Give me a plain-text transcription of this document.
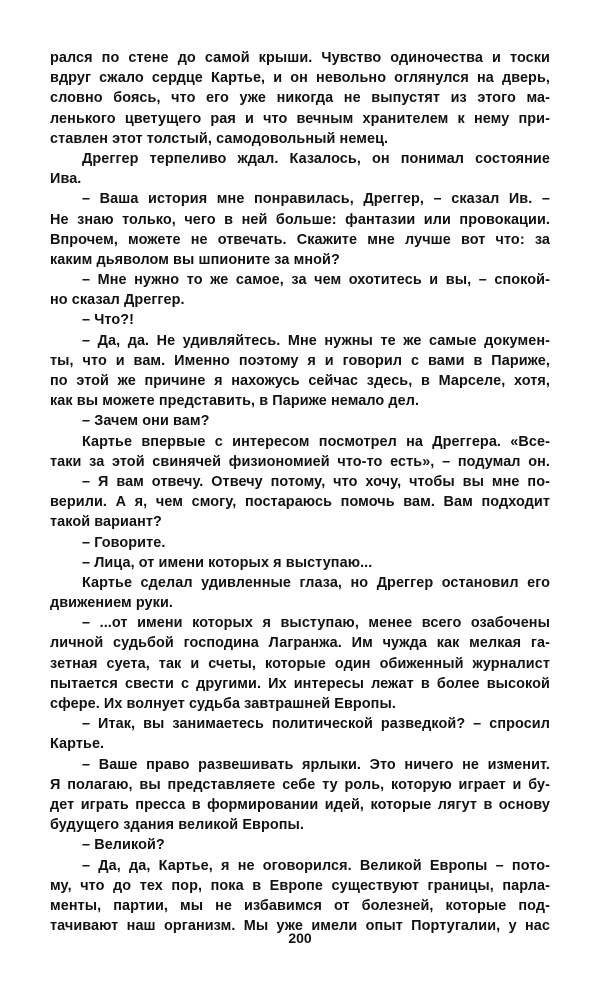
рался по стене до самой крыши. Чувство одиночества и тоски
вдруг сжало сердце Картье, и он невольно оглянулся на дверь,
словно боясь, что его уже никогда не выпустят из этого ма-
ленького цветущего рая и что вечным хранителем к нему при-
ставлен этот толстый, самодовольный немец.
Дреггер терпеливо ждал. Казалось, он понимал состояние
Ива.
– Ваша история мне понравилась, Дреггер, – сказал Ив. –
Не знаю только, чего в ней больше: фантазии или провокации.
Впрочем, можете не отвечать. Скажите мне лучше вот что: за
каким дьяволом вы шпионите за мной?
– Мне нужно то же самое, за чем охотитесь и вы, – спокой-
но сказал Дреггер.
– Что?!
– Да, да. Не удивляйтесь. Мне нужны те же самые докумен-
ты, что и вам. Именно поэтому я и говорил с вами в Париже,
по этой же причине я нахожусь сейчас здесь, в Марселе, хотя,
как вы можете представить, в Париже немало дел.
– Зачем они вам?
Картье впервые с интересом посмотрел на Дреггера. «Все-
таки за этой свинячей физиономией что-то есть», – подумал он.
– Я вам отвечу. Отвечу потому, что хочу, чтобы вы мне по-
верили. А я, чем смогу, постараюсь помочь вам. Вам подходит
такой вариант?
– Говорите.
– Лица, от имени которых я выступаю...
Картье сделал удивленные глаза, но Дреггер остановил его
движением руки.
– ...от имени которых я выступаю, менее всего озабочены
личной судьбой господина Лагранжа. Им чужда как мелкая га-
зетная суета, так и счеты, которые один обиженный журналист
пытается свести с другими. Их интересы лежат в более высокой
сфере. Их волнует судьба завтрашней Европы.
– Итак, вы занимаетесь политической разведкой? – спросил
Картье.
– Ваше право развешивать ярлыки. Это ничего не изменит.
Я полагаю, вы представляете себе ту роль, которую играет и бу-
дет играть пресса в формировании идей, которые лягут в основу
будущего здания великой Европы.
– Великой?
– Да, да, Картье, я не оговорился. Великой Европы – пото-
му, что до тех пор, пока в Европе существуют границы, парла-
менты, партии, мы не избавимся от болезней, которые под-
тачивают наш организм. Мы уже имели опыт Португалии, у нас
200
